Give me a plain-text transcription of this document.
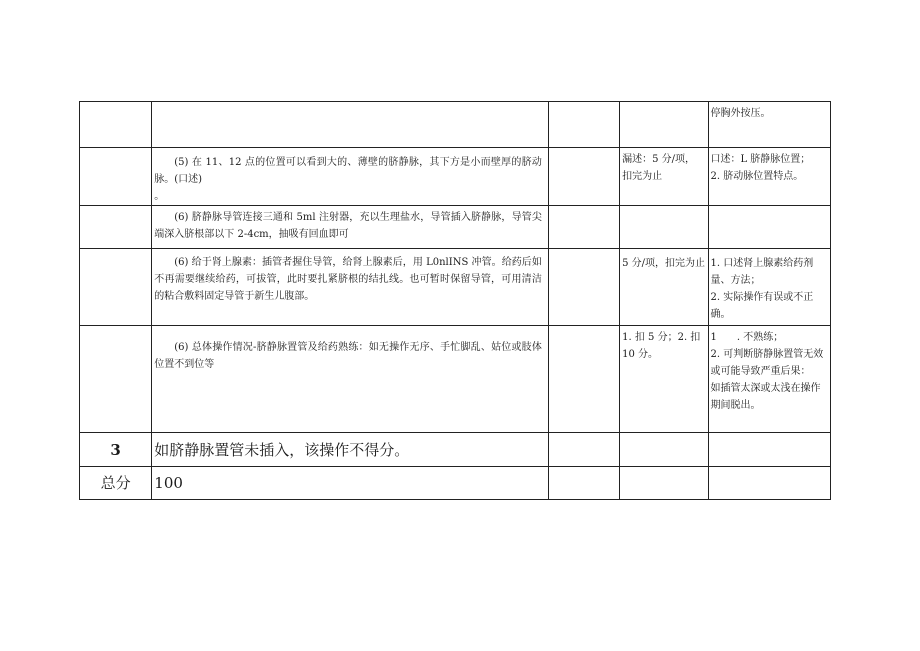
				停胸外按压。

	(5) 在 11、12 点的位置可以看到大的、薄壁的脐静脉，其下方是小而壁厚的脐动脉。(口述)
。		漏述：5 分/项，
扣完为止	口述：L 脐静脉位置；
2. 脐动脉位置特点。

	(6) 脐静脉导管连接三通和 5ml 注射器，充以生理盐水，导管插入脐静脉，导管尖端深入脐根部以下 2-4cm，抽吸有回血即可			

	(6) 给于肾上腺素：插管者握住导管，给肾上腺素后，用 L0nlINS 冲管。给药后如不再需要继续给药，可拔管，此时要扎紧脐根的结扎线。也可暂时保留导管，可用清洁的粘合敷料固定导管于新生儿腹部。		5 分/项，扣完为止	1. 口述肾上腺素给药剂量、方法；
2. 实际操作有误或不正确。

	(6) 总体操作情况-脐静脉置管及给药熟练：如无操作无序、手忙脚乱、姑位或肢体位置不到位等		1. 扣 5 分；2. 扣
10 分。	1　　. 不熟练；
2. 可判断脐静脉置管无效或可能导致严重后果：
如插管太深或太浅在操作期间脱出。

3	如脐静脉置管未插入，该操作不得分。			

总分	100			
